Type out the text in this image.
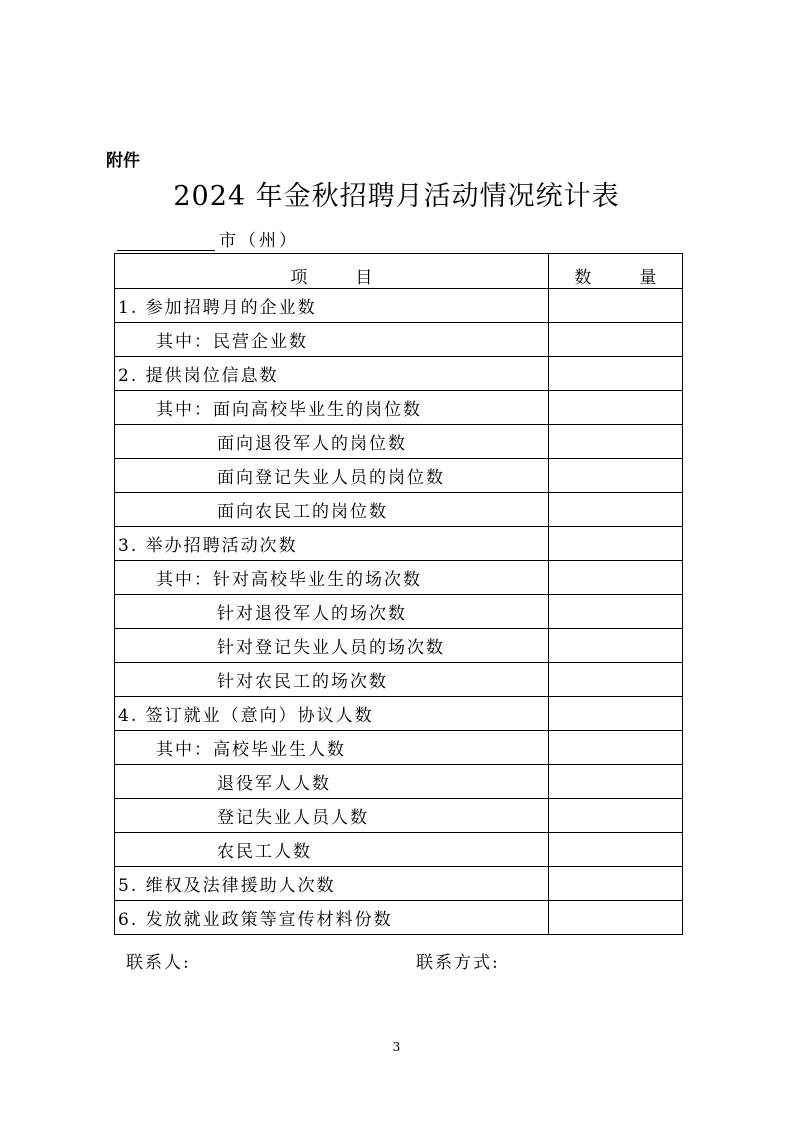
附件
2024 年金秋招聘月活动情况统计表
市（州）
项 目	数 量
1. 参加招聘月的企业数	
其中：民营企业数	
2. 提供岗位信息数	
其中：面向高校毕业生的岗位数	
面向退役军人的岗位数	
面向登记失业人员的岗位数	
面向农民工的岗位数	
3. 举办招聘活动次数	
其中：针对高校毕业生的场次数	
针对退役军人的场次数	
针对登记失业人员的场次数	
针对农民工的场次数	
4. 签订就业（意向）协议人数	
其中：高校毕业生人数	
退役军人人数	
登记失业人员人数	
农民工人数	
5. 维权及法律援助人次数	
6. 发放就业政策等宣传材料份数	
联系人:	联系方式:
3
